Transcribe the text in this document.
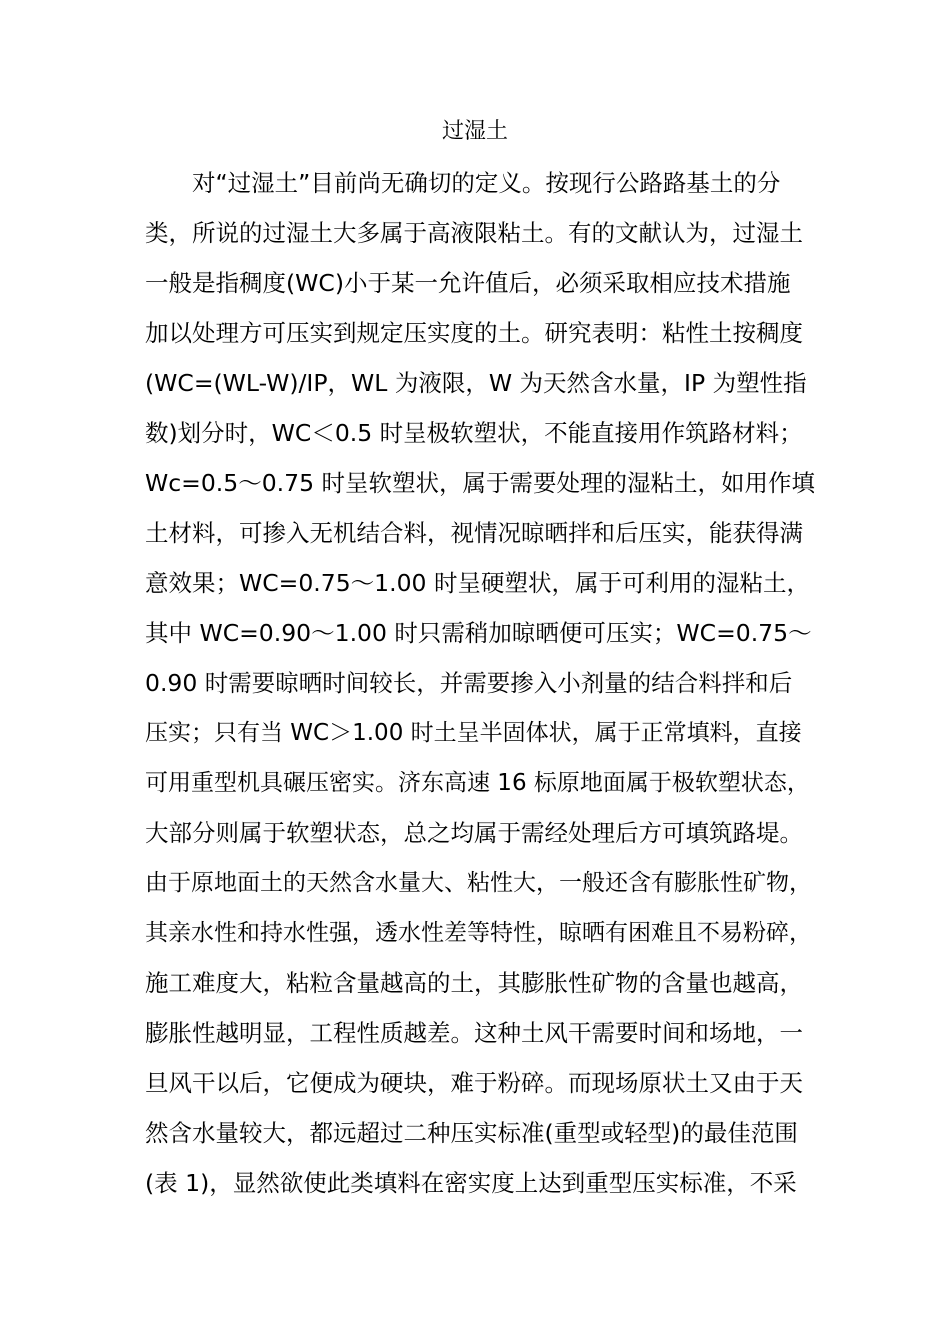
过湿土
对“过湿土”目前尚无确切的定义。按现行公路路基土的分
类，所说的过湿土大多属于高液限粘土。有的文献认为，过湿土
一般是指稠度(WC)小于某一允许值后，必须采取相应技术措施
加以处理方可压实到规定压实度的土。研究表明：粘性土按稠度
(WC=(WL-W)/IP，WL 为液限，W 为天然含水量，IP 为塑性指
数)划分时，WC＜0.5 时呈极软塑状，不能直接用作筑路材料；
Wc=0.5～0.75 时呈软塑状，属于需要处理的湿粘土，如用作填
土材料，可掺入无机结合料，视情况晾晒拌和后压实，能获得满
意效果；WC=0.75～1.00 时呈硬塑状，属于可利用的湿粘土，
其中 WC=0.90～1.00 时只需稍加晾晒便可压实；WC=0.75～
0.90 时需要晾晒时间较长，并需要掺入小剂量的结合料拌和后
压实；只有当 WC＞1.00 时土呈半固体状，属于正常填料，直接
可用重型机具碾压密实。济东高速 16 标原地面属于极软塑状态，
大部分则属于软塑状态，总之均属于需经处理后方可填筑路堤。
由于原地面土的天然含水量大、粘性大，一般还含有膨胀性矿物，
其亲水性和持水性强，透水性差等特性，晾晒有困难且不易粉碎，
施工难度大，粘粒含量越高的土，其膨胀性矿物的含量也越高，
膨胀性越明显，工程性质越差。这种土风干需要时间和场地，一
旦风干以后，它便成为硬块，难于粉碎。而现场原状土又由于天
然含水量较大，都远超过二种压实标准(重型或轻型)的最佳范围
(表 1)，显然欲使此类填料在密实度上达到重型压实标准，不采
